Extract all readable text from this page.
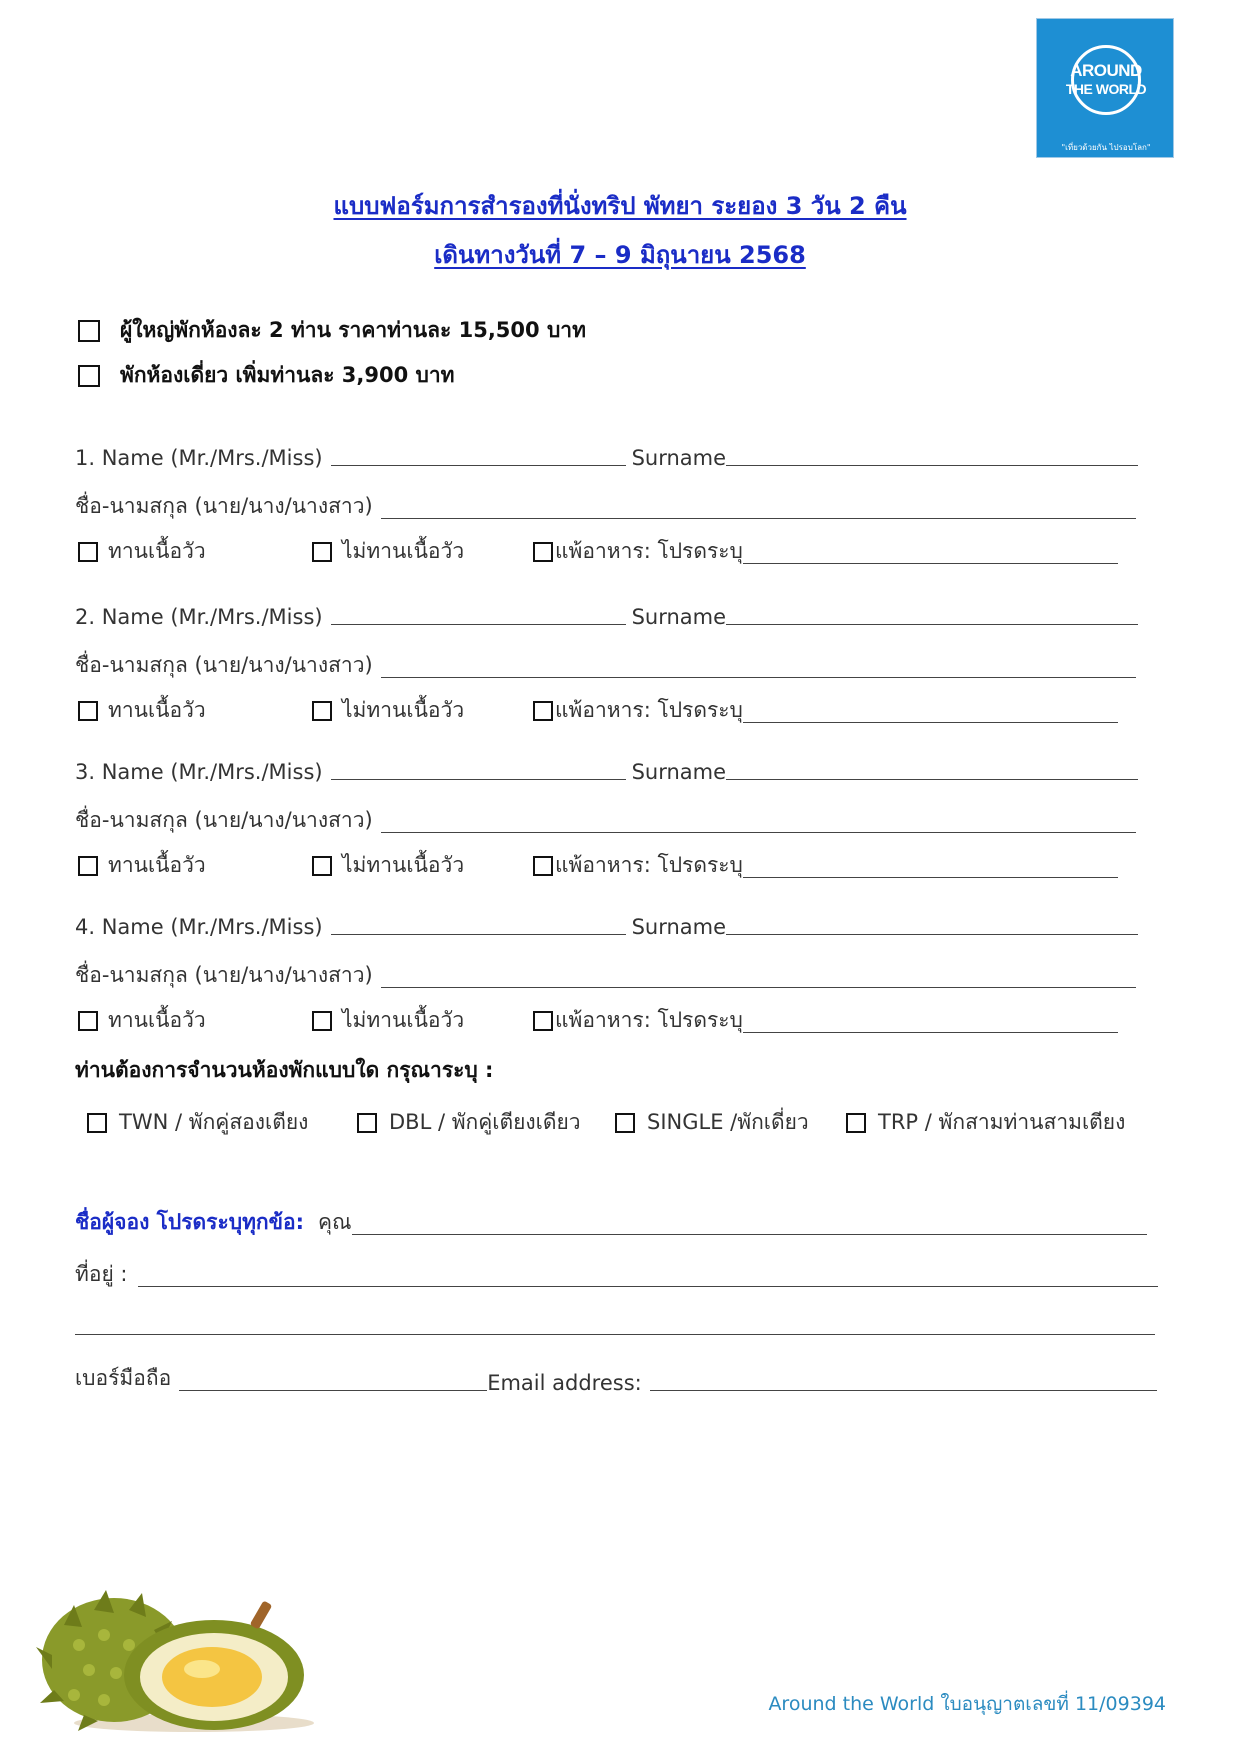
AROUND
THE WORLD
"เที่ยวด้วยกัน ไปรอบโลก"
แบบฟอร์มการสำรองที่นั่งทริป พัทยา ระยอง 3 วัน 2 คืน
เดินทางวันที่ 7 – 9 มิถุนายน 2568
ผู้ใหญ่พักห้องละ 2 ท่าน ราคาท่านละ 15,500 บาท
พักห้องเดี่ยว เพิ่มท่านละ 3,900 บาท
1. Name (Mr./Mrs./Miss)	Surname
ชื่อ-นามสกุล (นาย/นาง/นางสาว)
ทานเนื้อวัว	ไม่ทานเนื้อวัว	แพ้อาหาร: โปรดระบุ
2. Name (Mr./Mrs./Miss)	Surname
ชื่อ-นามสกุล (นาย/นาง/นางสาว)
ทานเนื้อวัว	ไม่ทานเนื้อวัว	แพ้อาหาร: โปรดระบุ
3. Name (Mr./Mrs./Miss)	Surname
ชื่อ-นามสกุล (นาย/นาง/นางสาว)
ทานเนื้อวัว	ไม่ทานเนื้อวัว	แพ้อาหาร: โปรดระบุ
4. Name (Mr./Mrs./Miss)	Surname
ชื่อ-นามสกุล (นาย/นาง/นางสาว)
ทานเนื้อวัว	ไม่ทานเนื้อวัว	แพ้อาหาร: โปรดระบุ
ท่านต้องการจำนวนห้องพักแบบใด กรุณาระบุ :
TWN / พักคู่สองเตียง	DBL / พักคู่เตียงเดียว	SINGLE /พักเดี่ยว	TRP / พักสามท่านสามเตียง
ชื่อผู้จอง โปรดระบุทุกข้อ: คุณ
ที่อยู่ :
เบอร์มือถือ	Email address:
Around the World ใบอนุญาตเลขที่ 11/09394
